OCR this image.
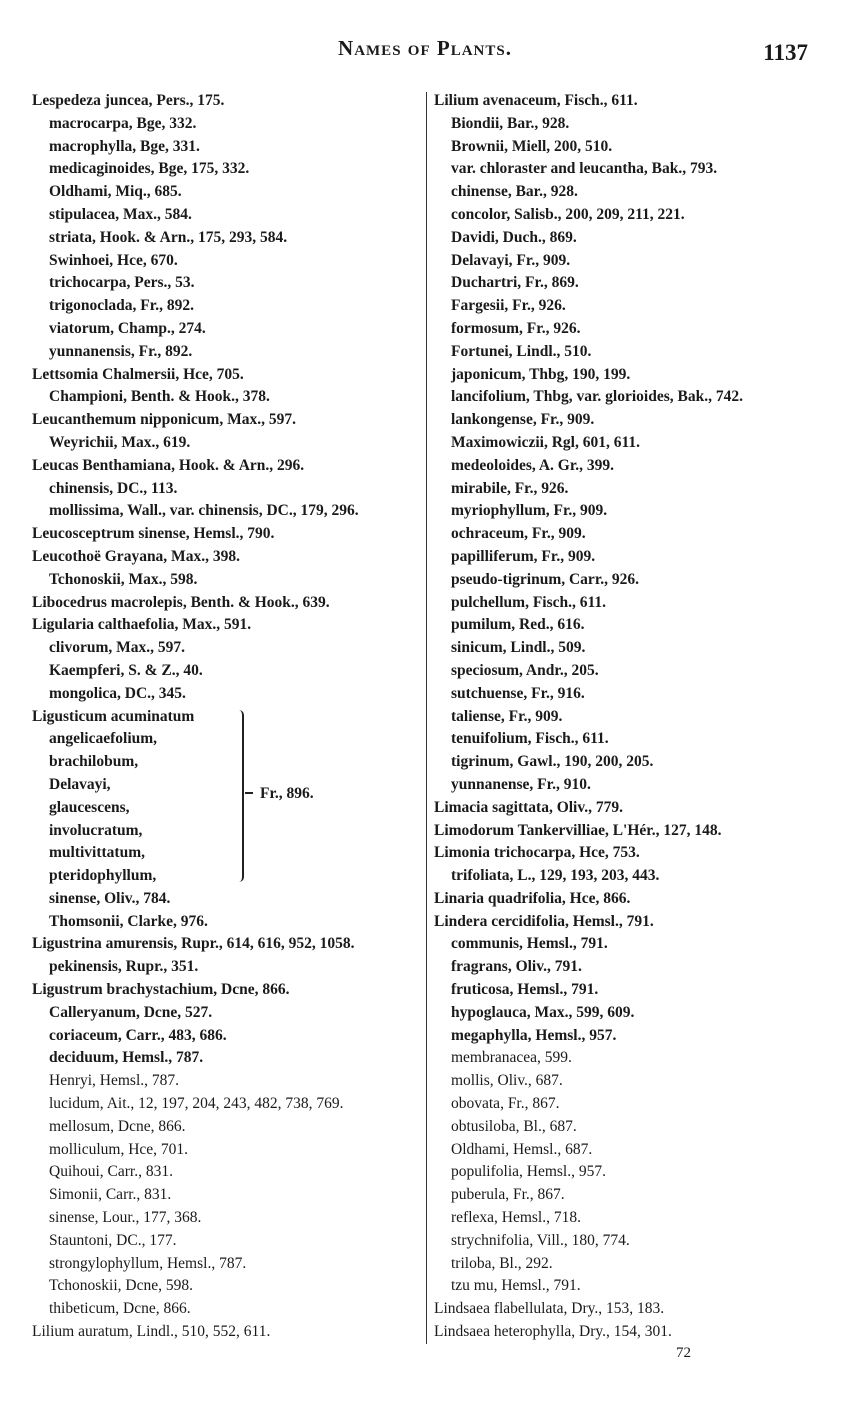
Names of Plants.	1137
Lespedeza juncea, Pers., 175.
macrocarpa, Bge, 332.
macrophylla, Bge, 331.
medicaginoides, Bge, 175, 332.
Oldhami, Miq., 685.
stipulacea, Max., 584.
striata, Hook. & Arn., 175, 293, 584.
Swinhoei, Hce, 670.
trichocarpa, Pers., 53.
trigonoclada, Fr., 892.
viatorum, Champ., 274.
yunnanensis, Fr., 892.
Lettsomia Chalmersii, Hce, 705.
Championi, Benth. & Hook., 378.
Leucanthemum nipponicum, Max., 597.
Weyrichii, Max., 619.
Leucas Benthamiana, Hook. & Arn., 296.
chinensis, DC., 113.
mollissima, Wall., var. chinensis, DC., 179, 296.
Leucosceptrum sinense, Hemsl., 790.
Leucothoë Grayana, Max., 398.
Tchonoskii, Max., 598.
Libocedrus macrolepis, Benth. & Hook., 639.
Ligularia calthaefolia, Max., 591.
clivorum, Max., 597.
Kaempferi, S. & Z., 40.
mongolica, DC., 345.
Ligusticum acuminatum
angelicaefolium,
brachilobum,
Delavayi,
glaucescens,
involucratum,
multivittatum,
pteridophyllum,
Fr., 896.
sinense, Oliv., 784.
Thomsonii, Clarke, 976.
Ligustrina amurensis, Rupr., 614, 616, 952, 1058.
pekinensis, Rupr., 351.
Ligustrum brachystachium, Dcne, 866.
Calleryanum, Dcne, 527.
coriaceum, Carr., 483, 686.
deciduum, Hemsl., 787.
Henryi, Hemsl., 787.
lucidum, Ait., 12, 197, 204, 243, 482, 738, 769.
mellosum, Dcne, 866.
molliculum, Hce, 701.
Quihoui, Carr., 831.
Simonii, Carr., 831.
sinense, Lour., 177, 368.
Stauntoni, DC., 177.
strongylophyllum, Hemsl., 787.
Tchonoskii, Dcne, 598.
thibeticum, Dcne, 866.
Lilium auratum, Lindl., 510, 552, 611.
Lilium avenaceum, Fisch., 611.
Biondii, Bar., 928.
Brownii, Miell, 200, 510.
var. chloraster and leucantha, Bak., 793.
chinense, Bar., 928.
concolor, Salisb., 200, 209, 211, 221.
Davidi, Duch., 869.
Delavayi, Fr., 909.
Duchartri, Fr., 869.
Fargesii, Fr., 926.
formosum, Fr., 926.
Fortunei, Lindl., 510.
japonicum, Thbg, 190, 199.
lancifolium, Thbg, var. glorioides, Bak., 742.
lankongense, Fr., 909.
Maximowiczii, Rgl, 601, 611.
medeoloides, A. Gr., 399.
mirabile, Fr., 926.
myriophyllum, Fr., 909.
ochraceum, Fr., 909.
papilliferum, Fr., 909.
pseudo-tigrinum, Carr., 926.
pulchellum, Fisch., 611.
pumilum, Red., 616.
sinicum, Lindl., 509.
speciosum, Andr., 205.
sutchuense, Fr., 916.
taliense, Fr., 909.
tenuifolium, Fisch., 611.
tigrinum, Gawl., 190, 200, 205.
yunnanense, Fr., 910.
Limacia sagittata, Oliv., 779.
Limodorum Tankervilliae, L'Hér., 127, 148.
Limonia trichocarpa, Hce, 753.
trifoliata, L., 129, 193, 203, 443.
Linaria quadrifolia, Hce, 866.
Lindera cercidifolia, Hemsl., 791.
communis, Hemsl., 791.
fragrans, Oliv., 791.
fruticosa, Hemsl., 791.
hypoglauca, Max., 599, 609.
megaphylla, Hemsl., 957.
membranacea, 599.
mollis, Oliv., 687.
obovata, Fr., 867.
obtusiloba, Bl., 687.
Oldhami, Hemsl., 687.
populifolia, Hemsl., 957.
puberula, Fr., 867.
reflexa, Hemsl., 718.
strychnifolia, Vill., 180, 774.
triloba, Bl., 292.
tzu mu, Hemsl., 791.
Lindsaea flabellulata, Dry., 153, 183.
Lindsaea heterophylla, Dry., 154, 301.
72
